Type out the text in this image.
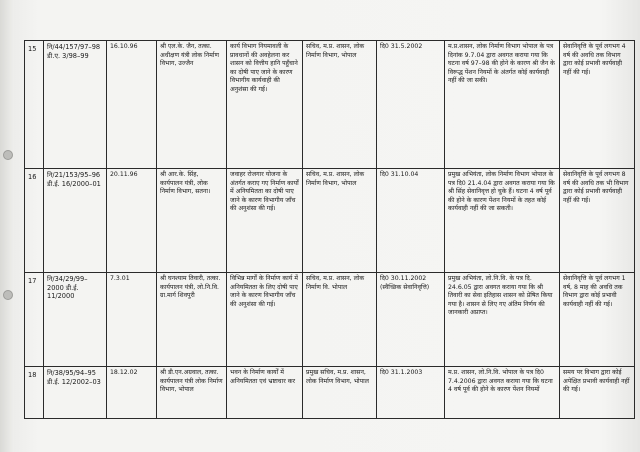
15	नि/44/157/97–98 डी.ए. 3/98–99	16.10.96	श्री एल.के. जैन, तत्का. अधीक्षण यंत्री लोक निर्माण विभाग, उज्जैन	कार्य विभाग नियमावली के प्रावधानों की अवहेलना कर शासन को वित्तीय हानि पहुँचाने का दोषी पाए जाने के कारण विभागीय कार्यवाही की अनुशंसा की गई।	सचिव, म.प्र. शासन, लोक निर्माण विभाग, भोपाल	दि0 31.5.2002	म.प्र.शासन, लोक निर्माण विभाग भोपाल के पत्र दिनांक 9.7.04 द्वारा अवगत कराया गया कि घटना वर्ष 97–98 की होने के कारण श्री जैन के विरूद्ध पेंशन नियमों के अंतर्गत कोई कार्यवाही नहीं की जा सकी।	सेवानिवृत्ति के पूर्व लगभग 4 वर्ष की अवधि तक विभाग द्वारा कोई प्रभावी कार्यवाही नहीं की गई।
16	नि/21/153/95–96 डी.ई. 16/2000–01	20.11.96	श्री आर.के. सिंह, कार्यपालन यंत्री, लोक निर्माण विभाग, सतना।	जवाहर रोजगार योजना के अंतर्गत कराए गए निर्माण कार्यों में अनियमितता का दोषी पाए जाने के कारण विभागीय जाँच की अनुशंसा की गई।	सचिव, म.प्र. शासन, लोक निर्माण विभाग, भोपाल	दि0 31.10.04	प्रमुख अभियंता, लोक निर्माण विभाग भोपाल के पत्र दि0 21.4.04 द्वारा अवगत कराया गया कि श्री सिंह सेवानिवृत्त हो चुके हैं। घटना 4 वर्ष पूर्व की होने के कारण पेंशन नियमों के तहत कोई कार्यवाही नहीं की जा सकती।	सेवानिवृत्ति के पूर्व लगभग 8 वर्ष की अवधि तक भी विभाग द्वारा कोई प्रभावी कार्यवाही नहीं की गई।
17	नि/34/29/99–2000 डी.ई. 11/2000	7.3.01	श्री घनश्याम तिवारी, तत्का. कार्यपालन यंत्री, लो.नि.वि. ग्रा.मार्ग शिवपुरी	विभिन्न मार्गों के निर्माण कार्य में अनियमितता के लिए दोषी पाए जाने के कारण विभागीय जाँच की अनुशंसा की गई।	सचिव, म.प्र. शासन, लोक निर्माण वि. भोपाल	दि0 30.11.2002 (स्वैच्छिक सेवानिवृत्ति)	प्रमुख अभियंता, लो.नि.वि. के पत्र दि. 24.6.05 द्वारा अवगत कराया गया कि श्री तिवारी का सेवा इतिहास शासन को प्रेषित किया गया है। शासन से लिए गए अंतिम निर्णय की जानकारी अप्राप्त।	सेवानिवृत्ति के पूर्व लगभग 1 वर्ष, 8 माह की अवधि तक विभाग द्वारा कोई प्रभावी कार्यवाही नहीं की गई।
18	नि/38/95/94–95 डी.ई. 12/2002–03	18.12.02	श्री डी.एन.अग्रवाल, तत्का. कार्यपालन यंत्री लोक निर्माण विभाग, भोपाल	भवन के निर्माण कार्यों में अनियमितता एवं भ्रष्टाचार कर	प्रमुख सचिव, म.प्र. शासन, लोक निर्माण विभाग, भोपाल	दि0 31.1.2003	म.प्र. शासन, लो.नि.वि. भोपाल के पत्र दि0 7.4.2006 द्वारा अवगत कराया गया कि घटना 4 वर्ष पूर्व की होने के कारण पेंशन नियमों	समय पर विभाग द्वारा कोई अपेक्षित प्रभावी कार्यवाही नहीं की गई।
